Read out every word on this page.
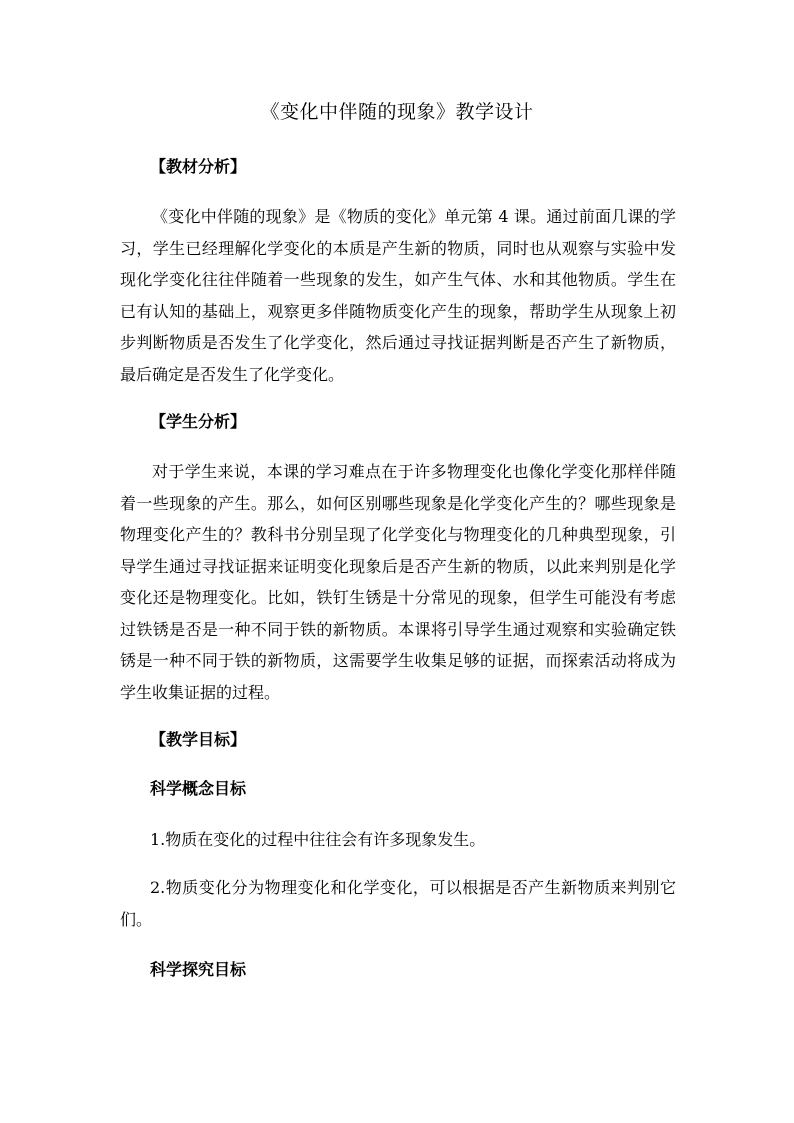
《变化中伴随的现象》教学设计
【教材分析】
《变化中伴随的现象》是《物质的变化》单元第 4 课。通过前面几课的学习，学生已经理解化学变化的本质是产生新的物质，同时也从观察与实验中发现化学变化往往伴随着一些现象的发生，如产生气体、水和其他物质。学生在已有认知的基础上，观察更多伴随物质变化产生的现象，帮助学生从现象上初步判断物质是否发生了化学变化，然后通过寻找证据判断是否产生了新物质，最后确定是否发生了化学变化。
【学生分析】
对于学生来说，本课的学习难点在于许多物理变化也像化学变化那样伴随着一些现象的产生。那么，如何区别哪些现象是化学变化产生的？哪些现象是物理变化产生的？教科书分别呈现了化学变化与物理变化的几种典型现象，引导学生通过寻找证据来证明变化现象后是否产生新的物质，以此来判别是化学变化还是物理变化。比如，铁钉生锈是十分常见的现象，但学生可能没有考虑过铁锈是否是一种不同于铁的新物质。本课将引导学生通过观察和实验确定铁锈是一种不同于铁的新物质，这需要学生收集足够的证据，而探索活动将成为学生收集证据的过程。
【教学目标】
科学概念目标
1.物质在变化的过程中往往会有许多现象发生。
2.物质变化分为物理变化和化学变化，可以根据是否产生新物质来判别它们。
科学探究目标
